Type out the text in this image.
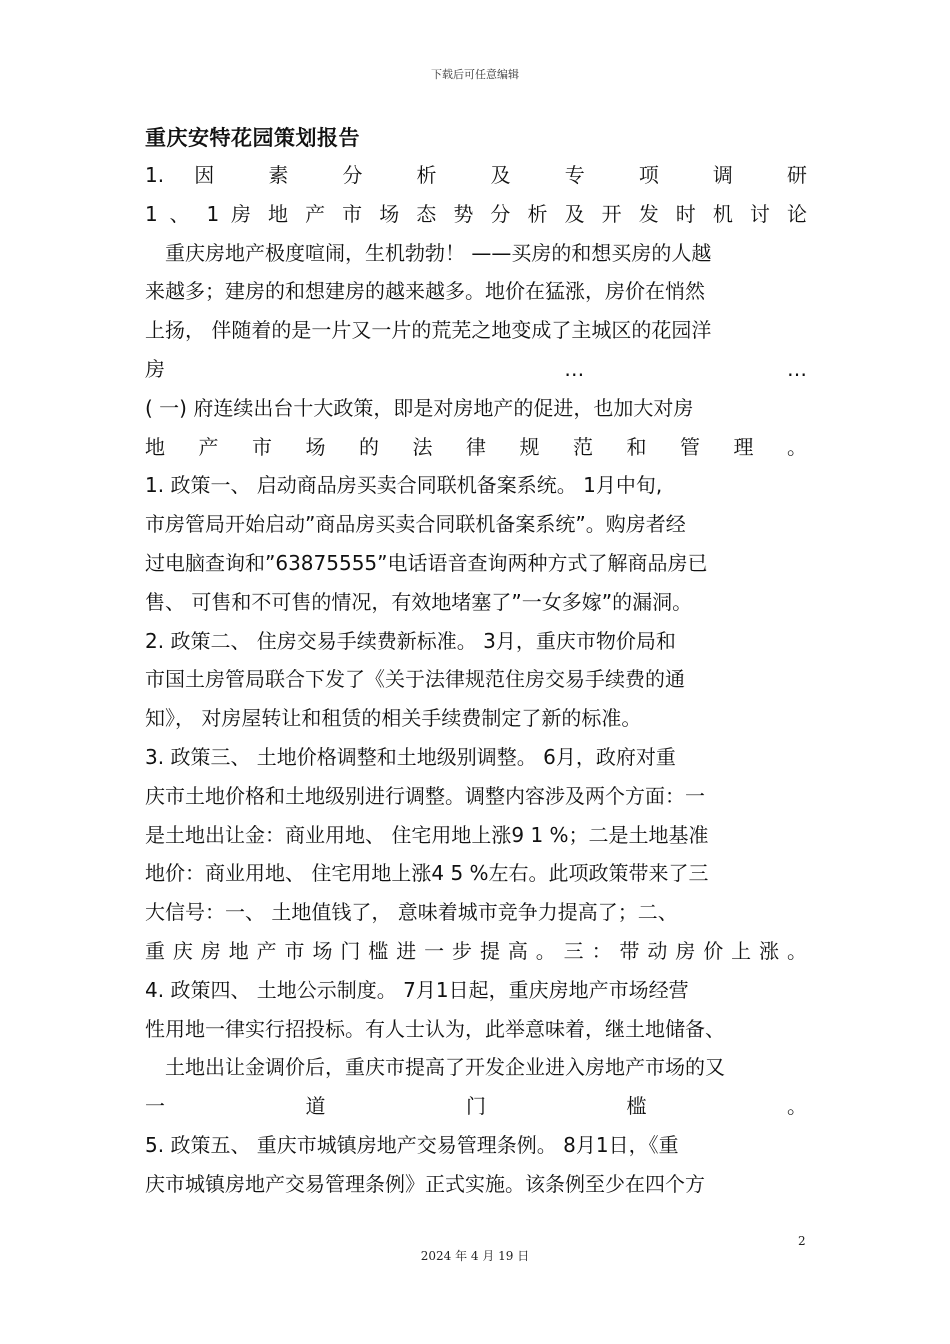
下载后可任意编辑
重庆安特花园策划报告
1. 因 素 分 析 及 专 项 调 研
1 、 1 房 地 产 市 场 态 势 分 析 及 开 发 时 机 讨 论
　重庆房地产极度喧闹，生机勃勃！ ——买房的和想买房的人越
来越多；建房的和想建房的越来越多。地价在猛涨，房价在悄然
上扬， 伴随着的是一片又一片的荒芜之地变成了主城区的花园洋
房 … …
( 一) 府连续出台十大政策，即是对房地产的促进，也加大对房
地 产 市 场 的 法 律 规 范 和 管 理 。
1. 政策一、 启动商品房买卖合同联机备案系统。 1月中旬,
市房管局开始启动”商品房买卖合同联机备案系统”。购房者经
过电脑查询和”63875555”电话语音查询两种方式了解商品房已
售、 可售和不可售的情况，有效地堵塞了”一女多嫁”的漏洞。
2. 政策二、 住房交易手续费新标准。 3月，重庆市物价局和
市国土房管局联合下发了《关于法律规范住房交易手续费的通
知》， 对房屋转让和租赁的相关手续费制定了新的标准。
3. 政策三、 土地价格调整和土地级别调整。 6月，政府对重
庆市土地价格和土地级别进行调整。调整内容涉及两个方面：一
是土地出让金：商业用地、 住宅用地上涨9 1 %；二是土地基准
地价：商业用地、 住宅用地上涨4 5 %左右。此项政策带来了三
大信号：一、 土地值钱了， 意味着城市竞争力提高了；二、
重 庆 房 地 产 市 场 门 槛 进 一 步 提 高 。 三 ： 带 动 房 价 上 涨 。
4. 政策四、 土地公示制度。 7月1日起，重庆房地产市场经营
性用地一律实行招投标。有人士认为，此举意味着，继土地储备、
　土地出让金调价后，重庆市提高了开发企业进入房地产市场的又
一 道 门 槛 。
5. 政策五、 重庆市城镇房地产交易管理条例。 8月1日，《重
庆市城镇房地产交易管理条例》正式实施。该条例至少在四个方
2
2024 年 4 月 19 日
